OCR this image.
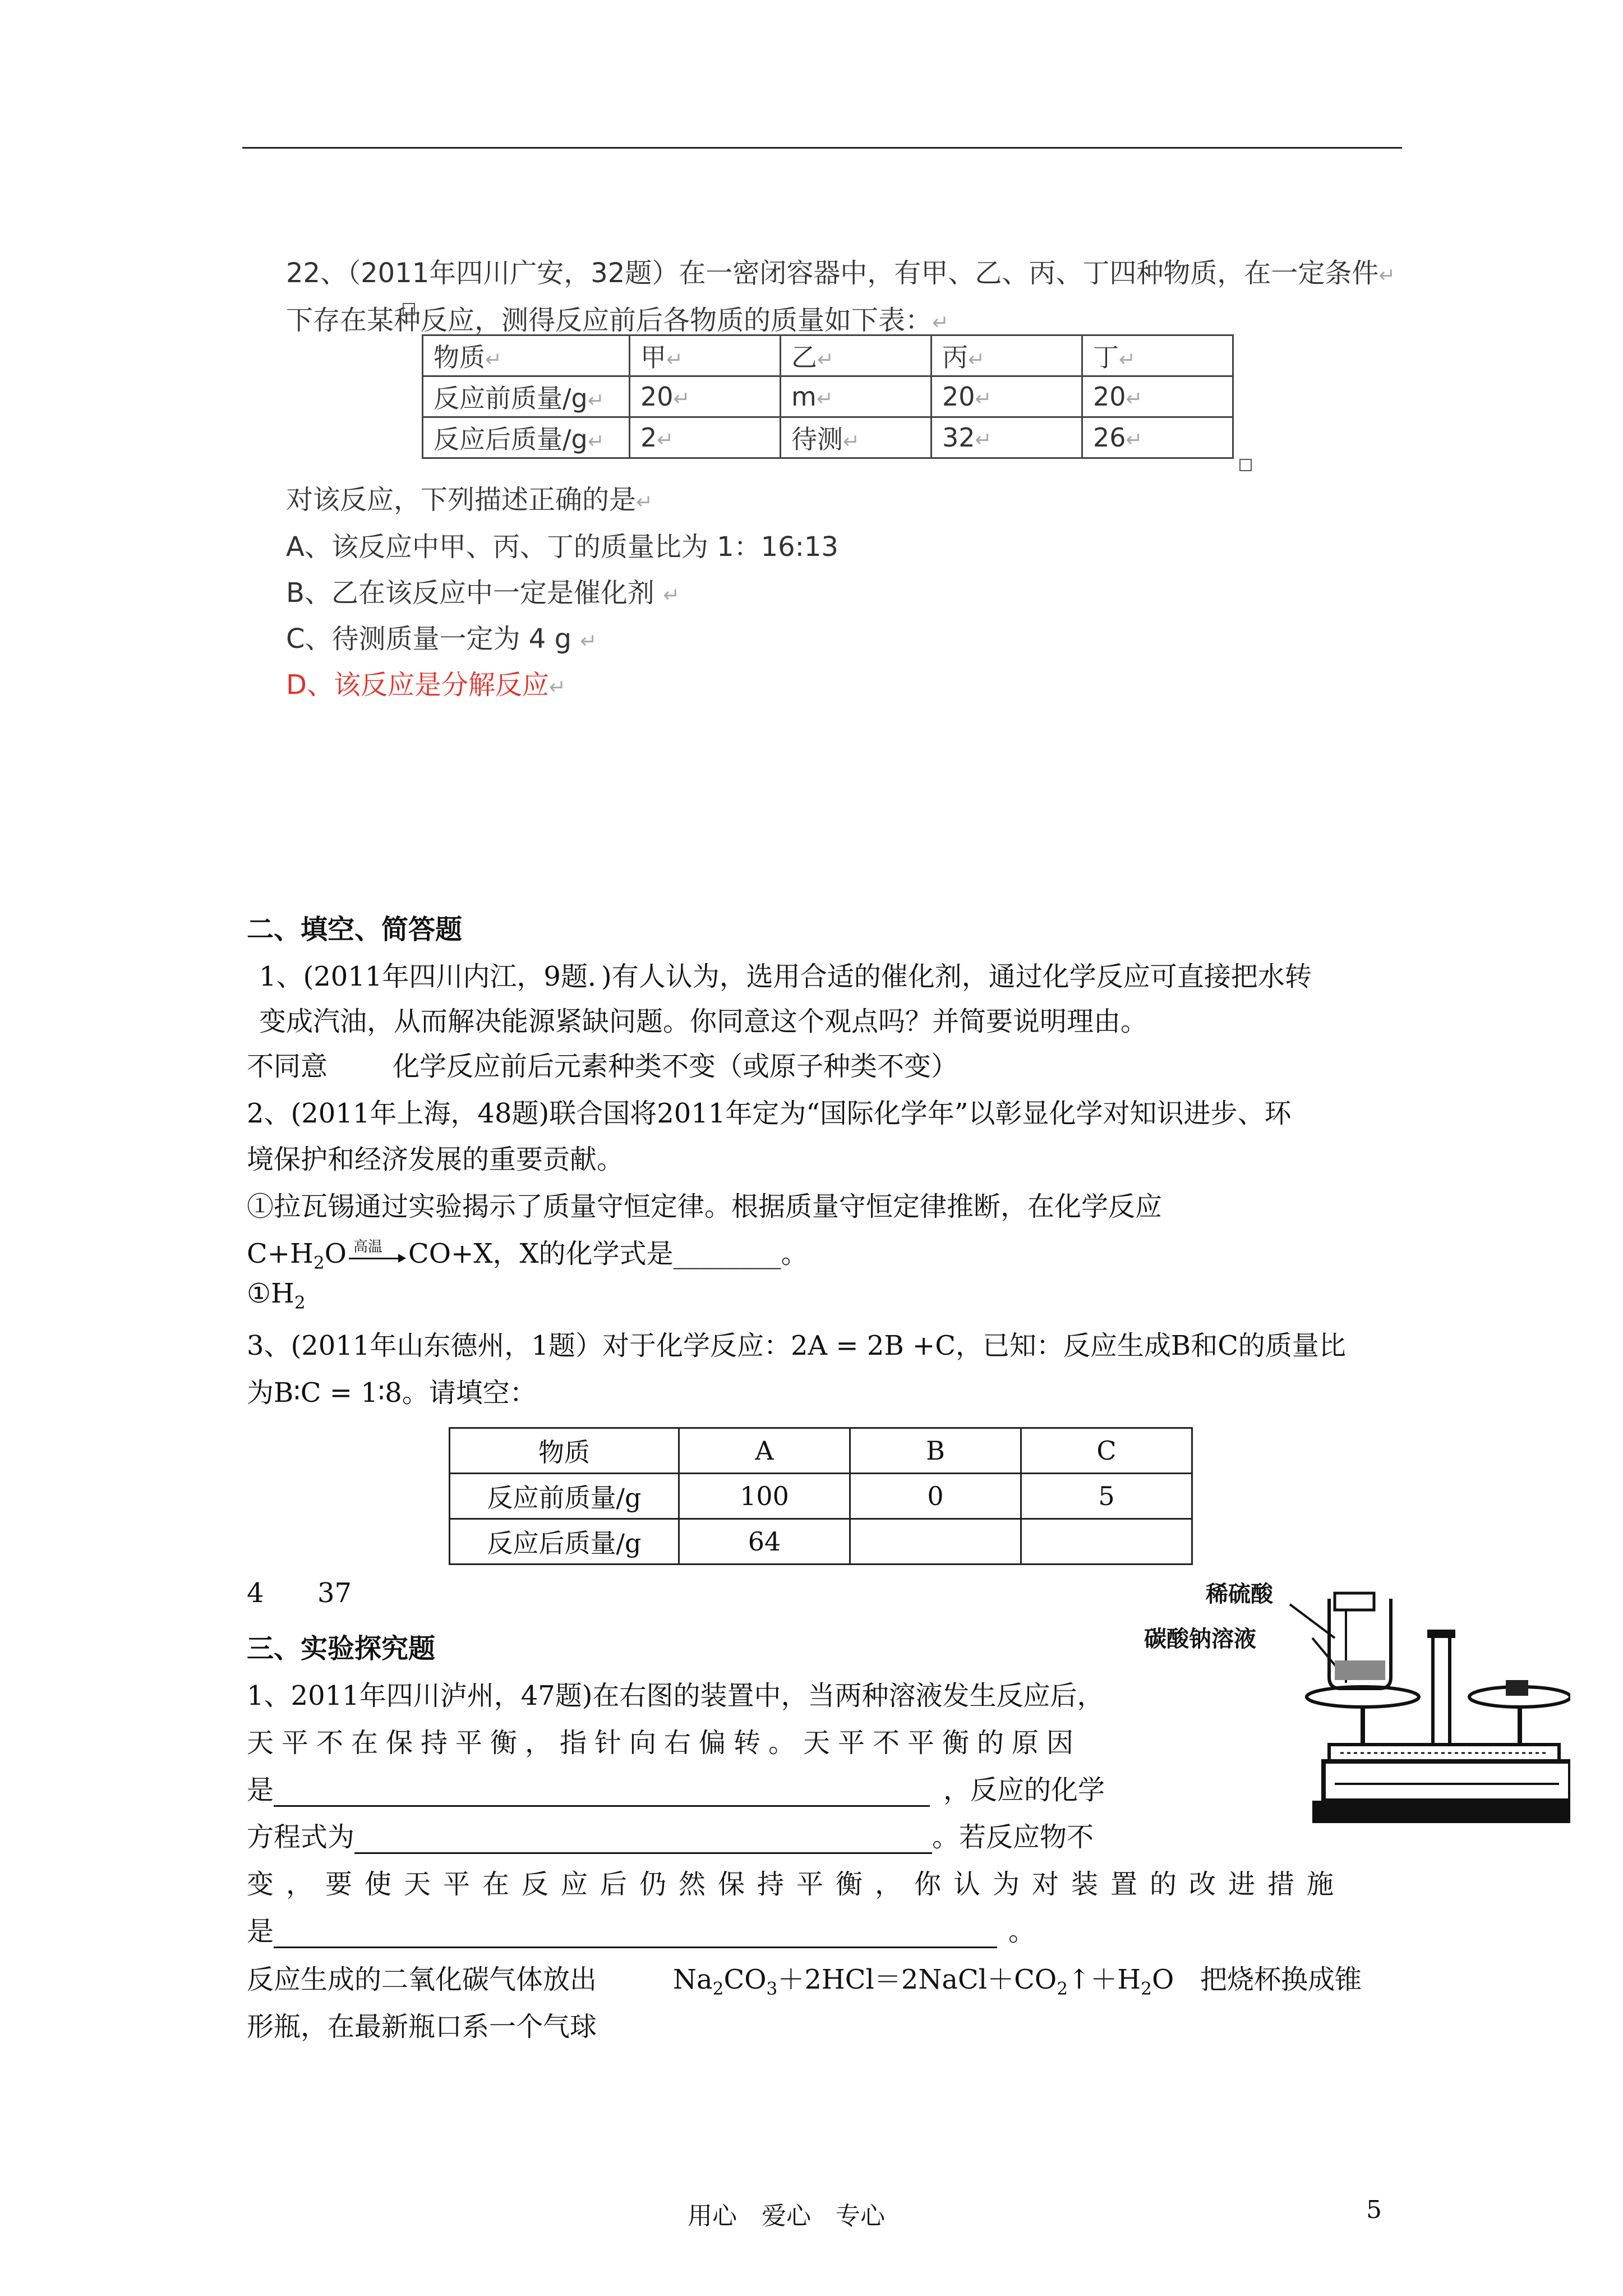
22、（2011年四川广安，32题）在一密闭容器中，有甲、乙、丙、丁四种物质，在一定条件↵
下存在某种反应，测得反应前后各物质的质量如下表：↵
物质↵	甲↵	乙↵	丙↵	丁↵
反应前质量/g↵	20↵	m↵	20↵	20↵
反应后质量/g↵	2↵	待测↵	32↵	26↵
对该反应，下列描述正确的是↵
A、该反应中甲、丙、丁的质量比为 1：16:13
B、乙在该反应中一定是催化剂 ↵
C、待测质量一定为 4 g ↵
D、该反应是分解反应↵
二、填空、简答题
1、(2011年四川内江，9题．)有人认为，选用合适的催化剂，通过化学反应可直接把水转
变成汽油，从而解决能源紧缺问题。你同意这个观点吗？并简要说明理由。
不同意 化学反应前后元素种类不变（或原子种类不变）
2、(2011年上海，48题)联合国将2011年定为“国际化学年”以彰显化学对知识进步、环
境保护和经济发展的重要贡献。
①拉瓦锡通过实验揭示了质量守恒定律。根据质量守恒定律推断，在化学反应
$C+H_2O$ 高温 CO+X，X的化学式是________。
$①H_2$
3、(2011年山东德州，1题）对于化学反应：2A = 2B +C，已知：反应生成B和C的质量比
为B∶C = 1∶8。请填空：
物质	A	B	C
反应前质量/g	100	0	5
反应后质量/g	64		
4 37
三、实验探究题
稀硫酸
碳酸钠溶液
1、2011年四川泸州，47题)在右图的装置中，当两种溶液发生反应后，
天平不在保持平衡，指针向右偏转。天平不平衡的原因
是	，反应的化学
方程式为	。若反应物不
变，要使天平在反应后仍然保持平衡，你认为对装置的改进措施
是	。
反应生成的二氧化碳气体放出	$Na_2CO_3+2HCl=2NaCl+CO_2↑+H_2O$ 把烧杯换成锥
形瓶，在最新瓶口系一个气球
用心　爱心　专心	5
